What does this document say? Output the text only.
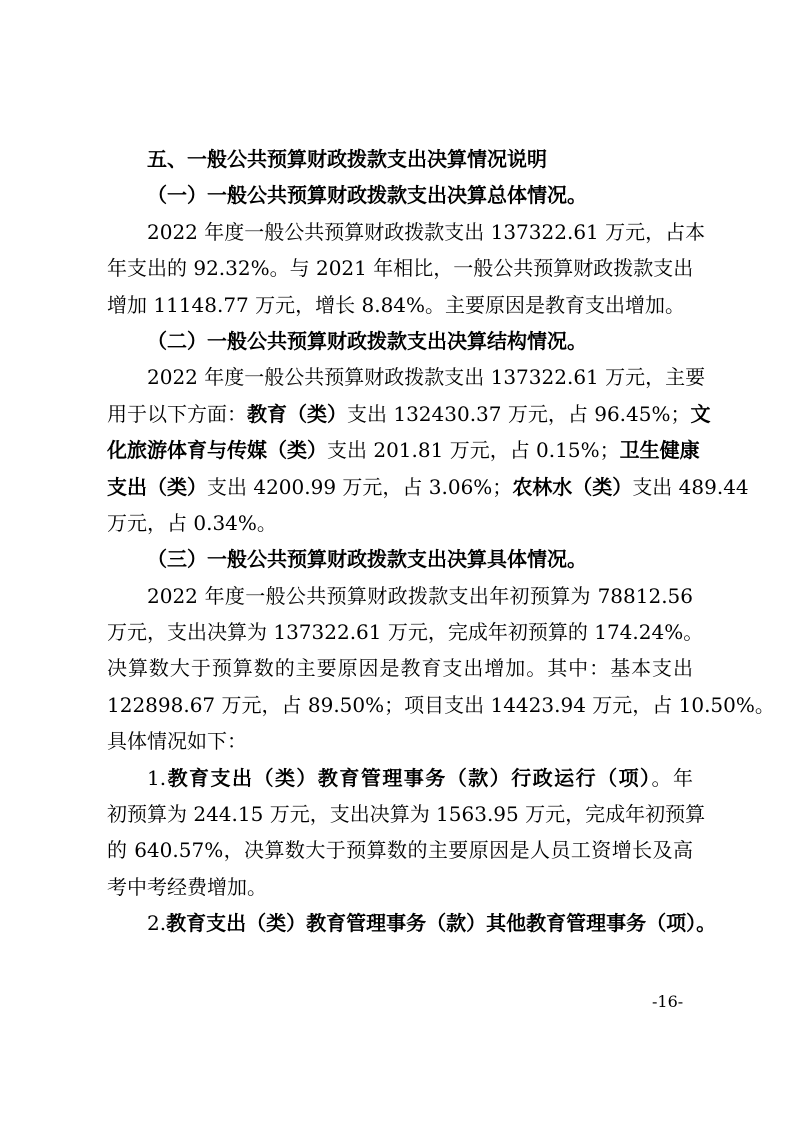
五、一般公共预算财政拨款支出决算情况说明
（一）一般公共预算财政拨款支出决算总体情况。
2022 年度一般公共预算财政拨款支出 137322.61 万元，占本
年支出的 92.32%。与 2021 年相比，一般公共预算财政拨款支出
增加 11148.77 万元，增长 8.84%。主要原因是教育支出增加。
（二）一般公共预算财政拨款支出决算结构情况。
2022 年度一般公共预算财政拨款支出 137322.61 万元，主要
用于以下方面：教育（类）支出 132430.37 万元，占 96.45%；文
化旅游体育与传媒（类）支出 201.81 万元，占 0.15%；卫生健康
支出（类）支出 4200.99 万元，占 3.06%；农林水（类）支出 489.44
万元，占 0.34%。
（三）一般公共预算财政拨款支出决算具体情况。
2022 年度一般公共预算财政拨款支出年初预算为 78812.56
万元，支出决算为 137322.61 万元，完成年初预算的 174.24%。
决算数大于预算数的主要原因是教育支出增加。其中：基本支出
122898.67 万元，占 89.50%；项目支出 14423.94 万元，占 10.50%。
具体情况如下：
1.教育支出（类）教育管理事务（款）行政运行（项）。年
初预算为 244.15 万元，支出决算为 1563.95 万元，完成年初预算
的 640.57%，决算数大于预算数的主要原因是人员工资增长及高
考中考经费增加。
2.教育支出（类）教育管理事务（款）其他教育管理事务（项）。
-16-
